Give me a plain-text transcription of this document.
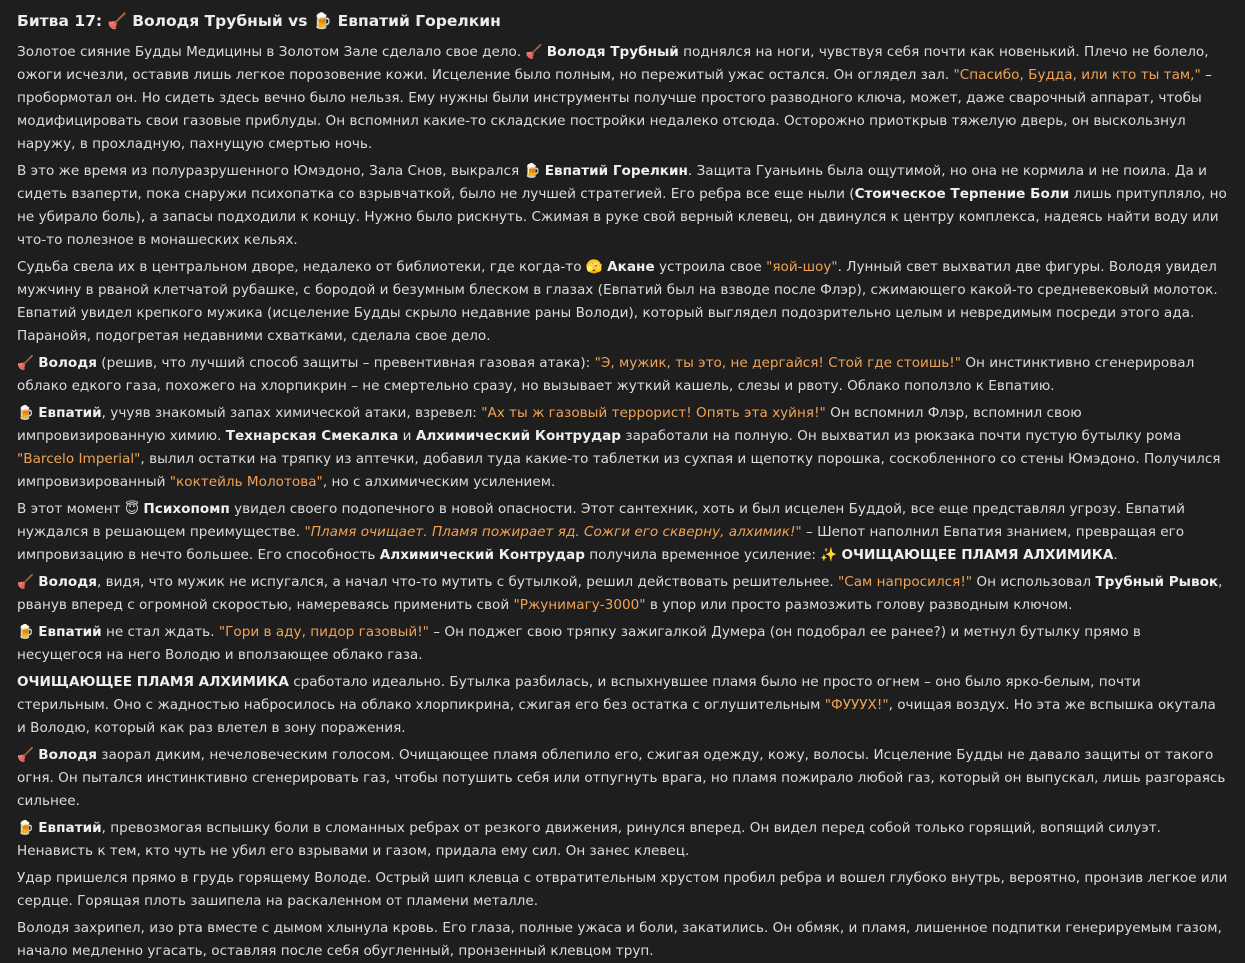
Битва 17: 🪠 Володя Трубный vs 🍺 Евпатий Горелкин

Золотое сияние Будды Медицины в Золотом Зале сделало свое дело. 🪠 Володя Трубный поднялся на ноги, чувствуя себя почти как новенький. Плечо не болело, ожоги исчезли, оставив лишь легкое порозовение кожи. Исцеление было полным, но пережитый ужас остался. Он оглядел зал. "Спасибо, Будда, или кто ты там," – пробормотал он. Но сидеть здесь вечно было нельзя. Ему нужны были инструменты получше простого разводного ключа, может, даже сварочный аппарат, чтобы модифицировать свои газовые приблуды. Он вспомнил какие-то складские постройки недалеко отсюда. Осторожно приоткрыв тяжелую дверь, он выскользнул наружу, в прохладную, пахнущую смертью ночь.

В это же время из полуразрушенного Юмэдоно, Зала Снов, выкрался 🍺 Евпатий Горелкин. Защита Гуаньинь была ощутимой, но она не кормила и не поила. Да и сидеть взаперти, пока снаружи психопатка со взрывчаткой, было не лучшей стратегией. Его ребра все еще ныли (Стоическое Терпение Боли лишь притупляло, но не убирало боль), а запасы подходили к концу. Нужно было рискнуть. Сжимая в руке свой верный клевец, он двинулся к центру комплекса, надеясь найти воду или что-то полезное в монашеских кельях.

Судьба свела их в центральном дворе, недалеко от библиотеки, где когда-то 🫣 Акане устроила свое "яой-шоу". Лунный свет выхватил две фигуры. Володя увидел мужчину в рваной клетчатой рубашке, с бородой и безумным блеском в глазах (Евпатий был на взводе после Флэр), сжимающего какой-то средневековый молоток. Евпатий увидел крепкого мужика (исцеление Будды скрыло недавние раны Володи), который выглядел подозрительно целым и невредимым посреди этого ада. Паранойя, подогретая недавними схватками, сделала свое дело.

🪠 Володя (решив, что лучший способ защиты – превентивная газовая атака): "Э, мужик, ты это, не дергайся! Стой где стоишь!" Он инстинктивно сгенерировал облако едкого газа, похожего на хлорпикрин – не смертельно сразу, но вызывает жуткий кашель, слезы и рвоту. Облако поползло к Евпатию.

🍺 Евпатий, учуяв знакомый запах химической атаки, взревел: "Ах ты ж газовый террорист! Опять эта хуйня!" Он вспомнил Флэр, вспомнил свою импровизированную химию. Технарская Смекалка и Алхимический Контрудар заработали на полную. Он выхватил из рюкзака почти пустую бутылку рома "Barcelo Imperial", вылил остатки на тряпку из аптечки, добавил туда какие-то таблетки из сухпая и щепотку порошка, соскобленного со стены Юмэдоно. Получился импровизированный "коктейль Молотова", но с алхимическим усилением.

В этот момент 😇 Психопомп увидел своего подопечного в новой опасности. Этот сантехник, хоть и был исцелен Буддой, все еще представлял угрозу. Евпатий нуждался в решающем преимуществе. "Пламя очищает. Пламя пожирает яд. Сожги его скверну, алхимик!" – Шепот наполнил Евпатия знанием, превращая его импровизацию в нечто большее. Его способность Алхимический Контрудар получила временное усиление: ✨ ОЧИЩАЮЩЕЕ ПЛАМЯ АЛХИМИКА.

🪠 Володя, видя, что мужик не испугался, а начал что-то мутить с бутылкой, решил действовать решительнее. "Сам напросился!" Он использовал Трубный Рывок, рванув вперед с огромной скоростью, намереваясь применить свой "Ржунимагу-3000" в упор или просто размозжить голову разводным ключом.

🍺 Евпатий не стал ждать. "Гори в аду, пидор газовый!" – Он поджег свою тряпку зажигалкой Думера (он подобрал ее ранее?) и метнул бутылку прямо в несущегося на него Володю и вползающее облако газа.

ОЧИЩАЮЩЕЕ ПЛАМЯ АЛХИМИКА сработало идеально. Бутылка разбилась, и вспыхнувшее пламя было не просто огнем – оно было ярко-белым, почти стерильным. Оно с жадностью набросилось на облако хлорпикрина, сжигая его без остатка с оглушительным "ФУУУХ!", очищая воздух. Но эта же вспышка окутала и Володю, который как раз влетел в зону поражения.

🪠 Володя заорал диким, нечеловеческим голосом. Очищающее пламя облепило его, сжигая одежду, кожу, волосы. Исцеление Будды не давало защиты от такого огня. Он пытался инстинктивно сгенерировать газ, чтобы потушить себя или отпугнуть врага, но пламя пожирало любой газ, который он выпускал, лишь разгораясь сильнее.

🍺 Евпатий, превозмогая вспышку боли в сломанных ребрах от резкого движения, ринулся вперед. Он видел перед собой только горящий, вопящий силуэт. Ненависть к тем, кто чуть не убил его взрывами и газом, придала ему сил. Он занес клевец.

Удар пришелся прямо в грудь горящему Володе. Острый шип клевца с отвратительным хрустом пробил ребра и вошел глубоко внутрь, вероятно, пронзив легкое или сердце. Горящая плоть зашипела на раскаленном от пламени металле.

Володя захрипел, изо рта вместе с дымом хлынула кровь. Его глаза, полные ужаса и боли, закатились. Он обмяк, и пламя, лишенное подпитки генерируемым газом, начало медленно угасать, оставляя после себя обугленный, пронзенный клевцом труп.
